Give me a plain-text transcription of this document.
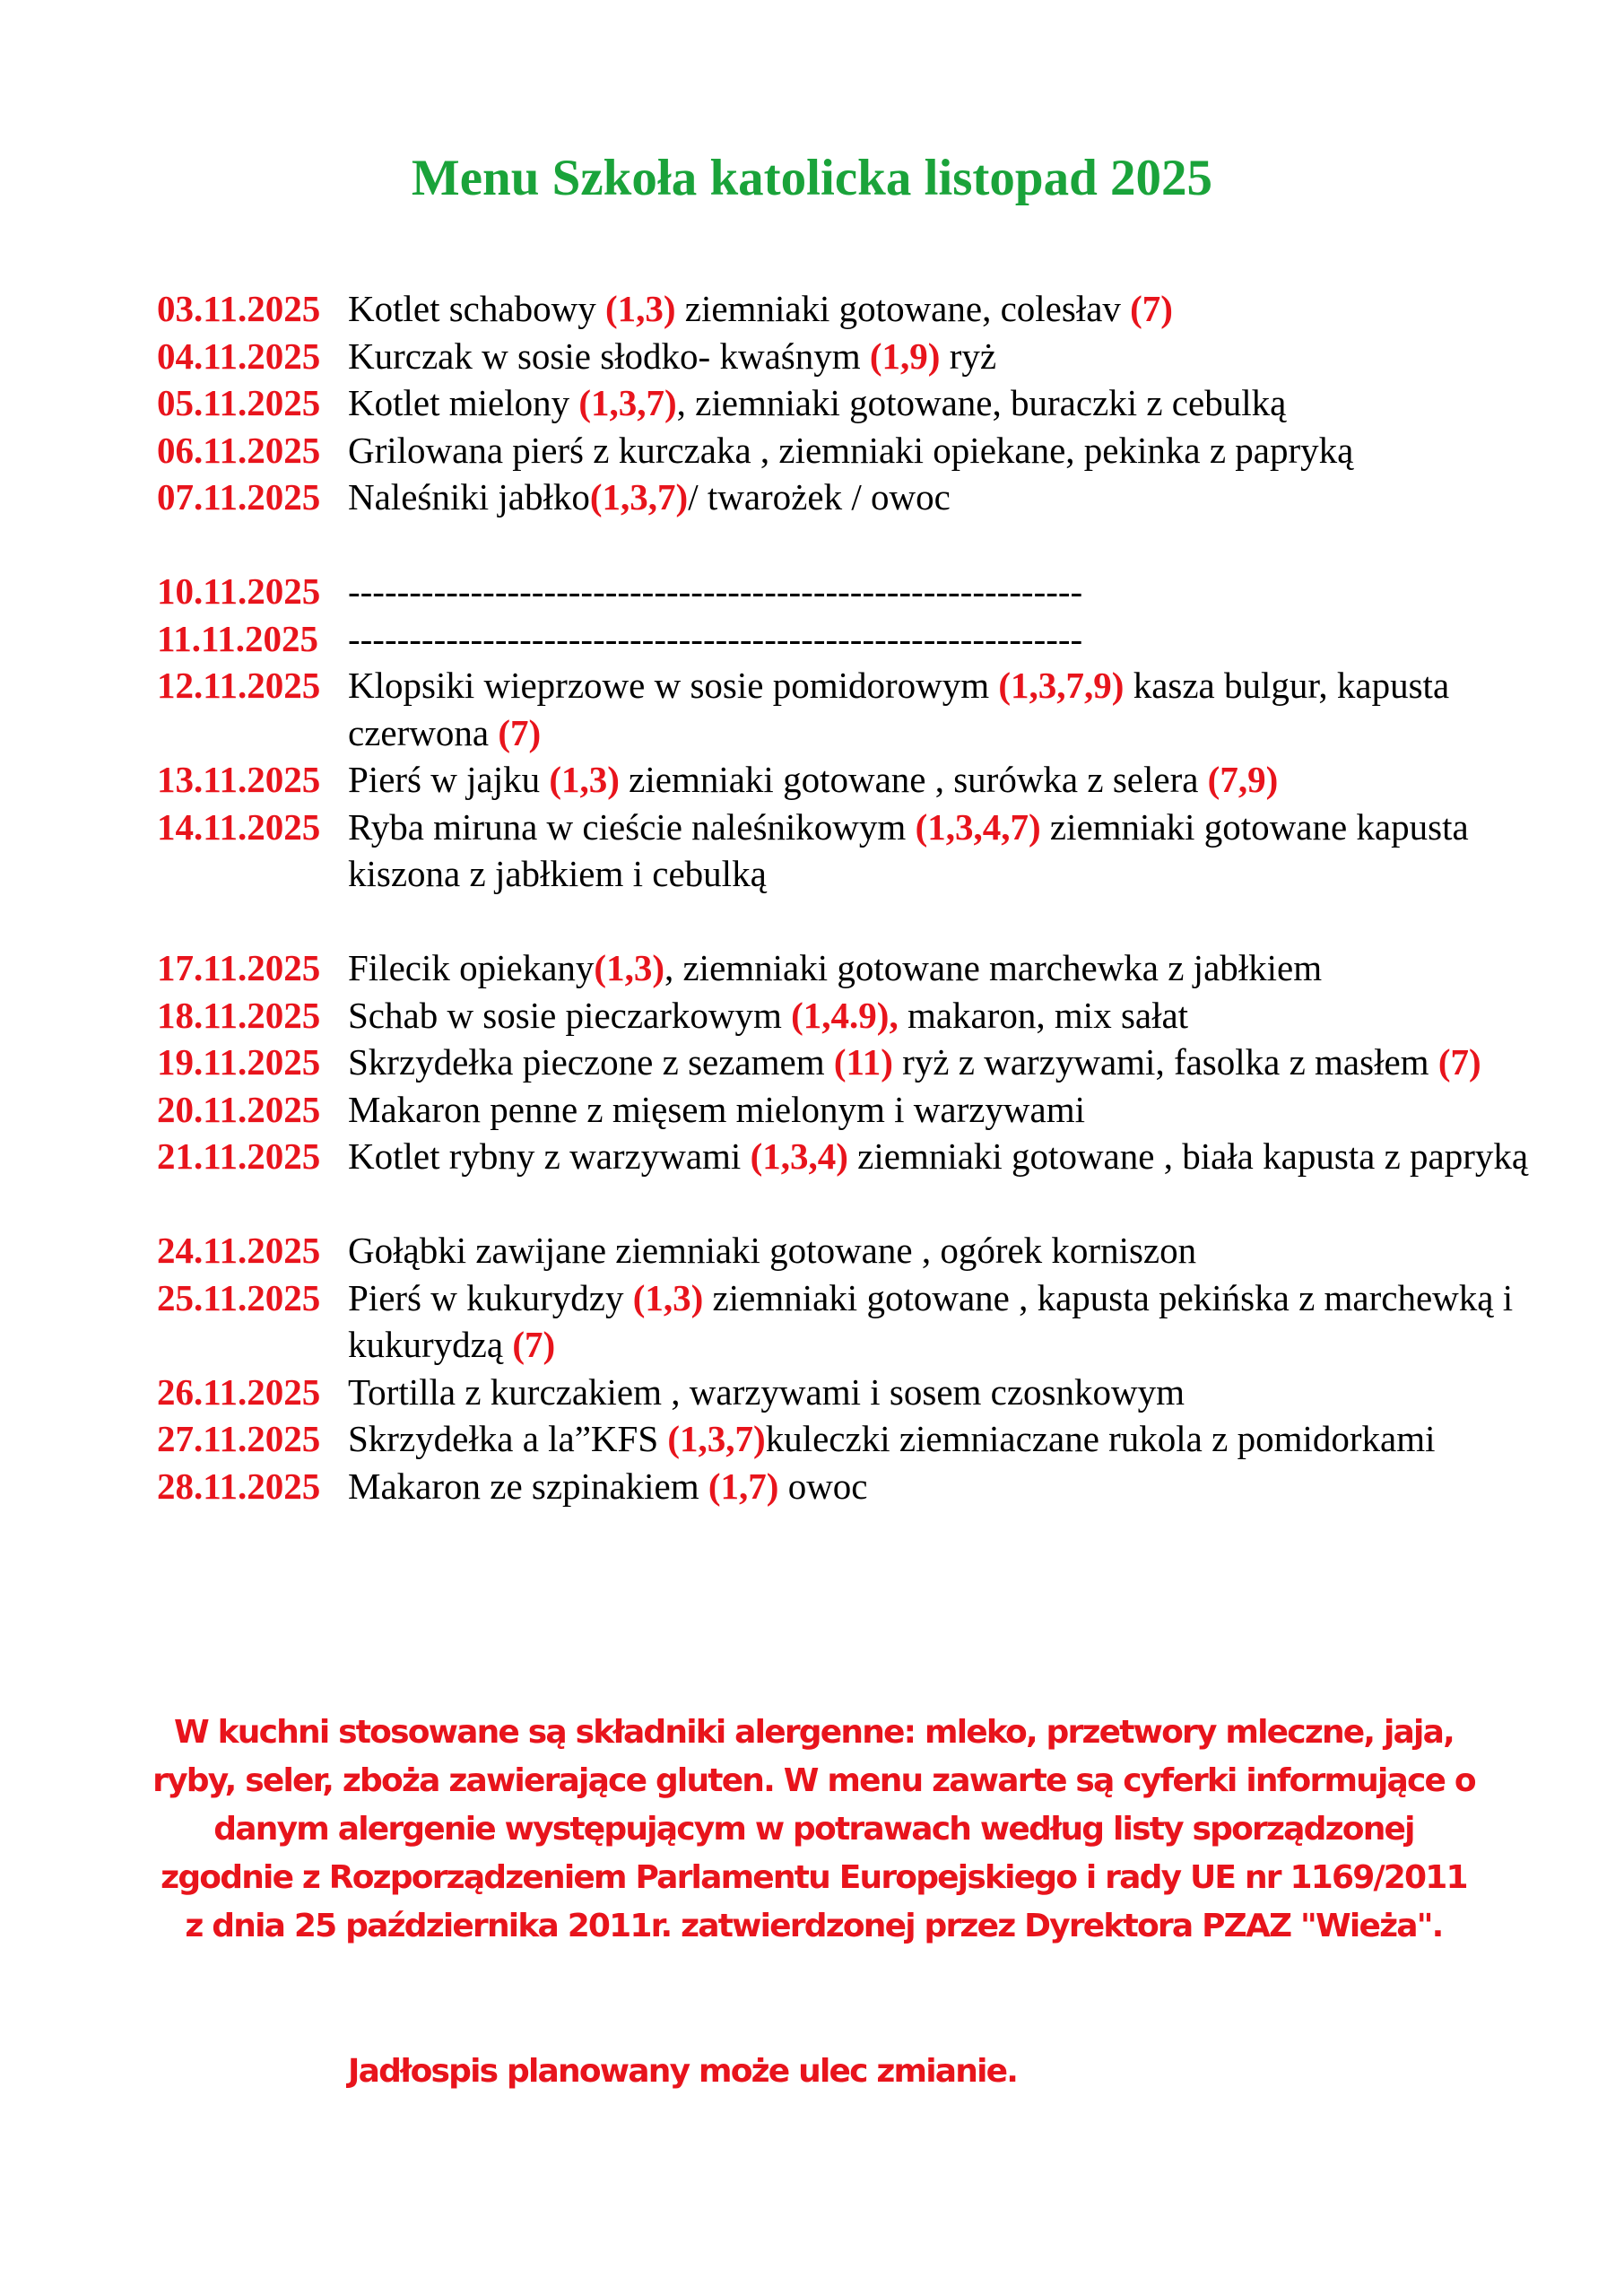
Menu Szkoła katolicka listopad 2025
03.11.2025 Kotlet schabowy (1,3) ziemniaki gotowane, colesłav (7)
04.11.2025 Kurczak w sosie słodko- kwaśnym (1,9) ryż
05.11.2025 Kotlet mielony (1,3,7), ziemniaki gotowane, buraczki z cebulką
06.11.2025 Grilowana pierś z kurczaka , ziemniaki opiekane, pekinka z papryką
07.11.2025 Naleśniki jabłko(1,3,7)/ twarożek / owoc
10.11.2025 ------------------------------------------------------------
11.11.2025 ------------------------------------------------------------
12.11.2025 Klopsiki wieprzowe w sosie pomidorowym (1,3,7,9) kasza bulgur, kapusta czerwona (7)
13.11.2025 Pierś w jajku (1,3) ziemniaki gotowane , surówka z selera (7,9)
14.11.2025 Ryba miruna w cieście naleśnikowym (1,3,4,7) ziemniaki gotowane kapusta kiszona z jabłkiem i cebulką
17.11.2025 Filecik opiekany(1,3), ziemniaki gotowane marchewka z jabłkiem
18.11.2025 Schab w sosie pieczarkowym (1,4.9), makaron, mix sałat
19.11.2025 Skrzydełka pieczone z sezamem (11) ryż z warzywami, fasolka z masłem (7)
20.11.2025 Makaron penne z mięsem mielonym i warzywami
21.11.2025 Kotlet rybny z warzywami (1,3,4) ziemniaki gotowane , biała kapusta z papryką
24.11.2025 Gołąbki zawijane ziemniaki gotowane , ogórek korniszon
25.11.2025 Pierś w kukurydzy (1,3) ziemniaki gotowane , kapusta pekińska z marchewką i kukurydzą (7)
26.11.2025 Tortilla z kurczakiem , warzywami i sosem czosnkowym
27.11.2025 Skrzydełka a la”KFS (1,3,7)kuleczki ziemniaczane rukola z pomidorkami
28.11.2025 Makaron ze szpinakiem (1,7) owoc
W kuchni stosowane są składniki alergenne: mleko, przetwory mleczne, jaja, ryby, seler, zboża zawierające gluten. W menu zawarte są cyferki informujące o danym alergenie występującym w potrawach według listy sporządzonej zgodnie z Rozporządzeniem Parlamentu Europejskiego i rady UE nr 1169/2011 z dnia 25 października 2011r. zatwierdzonej przez Dyrektora PZAZ "Wieża".
Jadłospis planowany może ulec zmianie.
